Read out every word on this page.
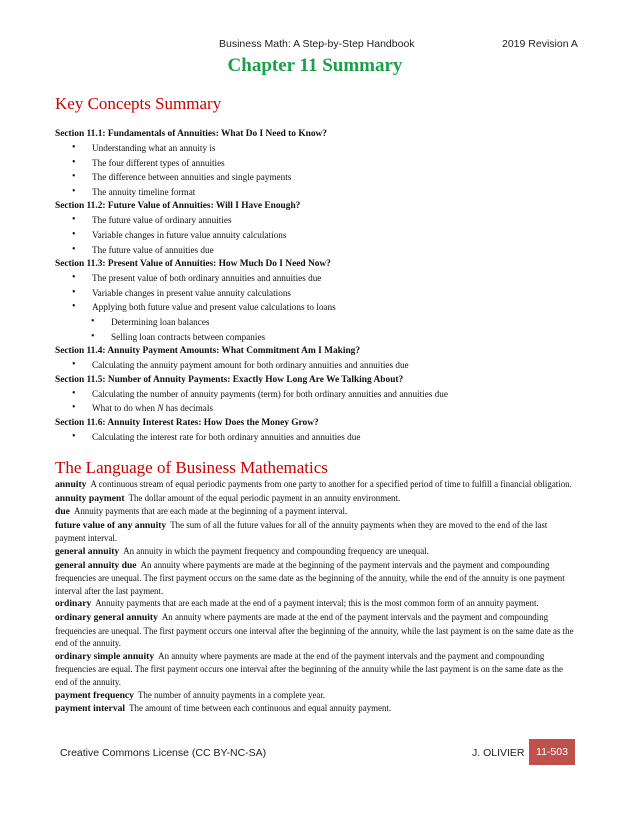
Business Math: A Step-by-Step Handbook	2019 Revision A
Chapter 11 Summary
Key Concepts Summary
Section 11.1: Fundamentals of Annuities: What Do I Need to Know?
• Understanding what an annuity is
• The four different types of annuities
• The difference between annuities and single payments
• The annuity timeline format
Section 11.2: Future Value of Annuities: Will I Have Enough?
• The future value of ordinary annuities
• Variable changes in future value annuity calculations
• The future value of annuities due
Section 11.3: Present Value of Annuities: How Much Do I Need Now?
• The present value of both ordinary annuities and annuities due
• Variable changes in present value annuity calculations
• Applying both future value and present value calculations to loans
• Determining loan balances
• Selling loan contracts between companies
Section 11.4: Annuity Payment Amounts: What Commitment Am I Making?
• Calculating the annuity payment amount for both ordinary annuities and annuities due
Section 11.5: Number of Annuity Payments: Exactly How Long Are We Talking About?
• Calculating the number of annuity payments (term) for both ordinary annuities and annuities due
• What to do when N has decimals
Section 11.6: Annuity Interest Rates: How Does the Money Grow?
• Calculating the interest rate for both ordinary annuities and annuities due
The Language of Business Mathematics

annuity A continuous stream of equal periodic payments from one party to another for a specified period of time to fulfill a financial obligation.

annuity payment The dollar amount of the equal periodic payment in an annuity environment.

due Annuity payments that are each made at the beginning of a payment interval.

future value of any annuity The sum of all the future values for all of the annuity payments when they are moved to the end of the last payment interval.

general annuity An annuity in which the payment frequency and compounding frequency are unequal.

general annuity due An annuity where payments are made at the beginning of the payment intervals and the payment and compounding frequencies are unequal. The first payment occurs on the same date as the beginning of the annuity, while the end of the annuity is one payment interval after the last payment.

ordinary Annuity payments that are each made at the end of a payment interval; this is the most common form of an annuity payment.

ordinary general annuity An annuity where payments are made at the end of the payment intervals and the payment and compounding frequencies are unequal. The first payment occurs one interval after the beginning of the annuity, while the last payment is on the same date as the end of the annuity.

ordinary simple annuity An annuity where payments are made at the end of the payment intervals and the payment and compounding frequencies are equal. The first payment occurs one interval after the beginning of the annuity while the last payment is on the same date as the end of the annuity.

payment frequency The number of annuity payments in a complete year.

payment interval The amount of time between each continuous and equal annuity payment.

Creative Commons License (CC BY-NC-SA)	J. OLIVIER	11-503
